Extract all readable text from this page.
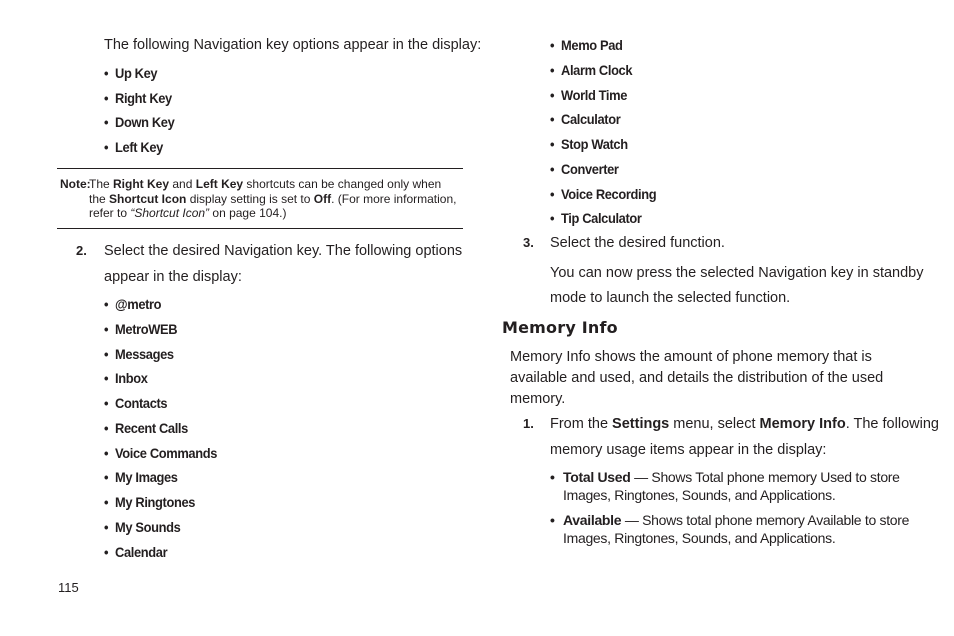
The following Navigation key options appear in the display:

• Up Key

• Right Key

• Down Key

• Left Key

Note:
The Right Key and Left Key shortcuts can be changed only when the Shortcut Icon display setting is set to Off. (For more information, refer to “Shortcut Icon” on page 104.)
2. Select the desired Navigation key. The following options

appear in the display:

• @metro

• MetroWEB

• Messages

• Inbox

• Contacts

• Recent Calls

• Voice Commands

• My Images

• My Ringtones

• My Sounds

• Calendar

• Memo Pad

• Alarm Clock

• World Time

• Calculator

• Stop Watch

• Converter

• Voice Recording

• Tip Calculator

3. Select the desired function.

You can now press the selected Navigation key in standby

mode to launch the selected function.

Memory Info

Memory Info shows the amount of phone memory that is

available and used, and details the distribution of the used

memory.

1. From the Settings menu, select Memory Info. The following

memory usage items appear in the display:

• Total Used — Shows Total phone memory Used to store Images, Ringtones, Sounds, and Applications.
• Available — Shows total phone memory Available to store Images, Ringtones, Sounds, and Applications.
115
